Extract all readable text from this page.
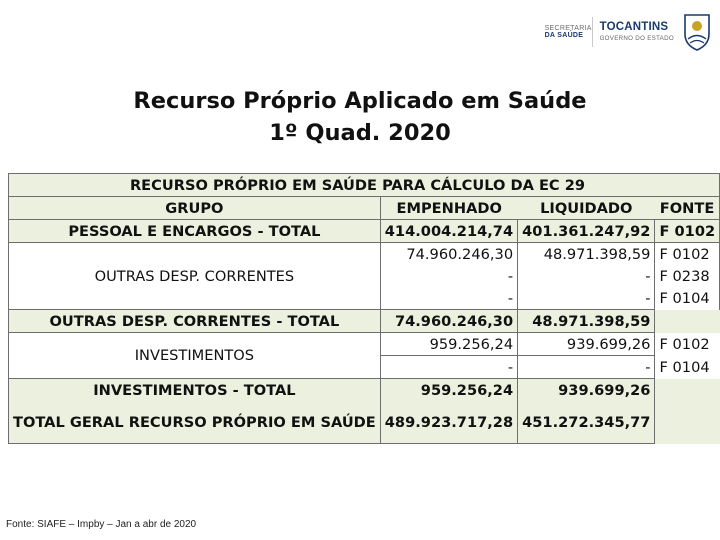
SECRETARIA
DA SAÚDE
TOCANTINS
GOVERNO DO ESTADO
Recurso Próprio Aplicado em Saúde
1º Quad. 2020
RECURSO PRÓPRIO EM SAÚDE PARA CÁLCULO DA EC 29			
GRUPO	EMPENHADO	LIQUIDADO	FONTE
PESSOAL E ENCARGOS - TOTAL	414.004.214,74	401.361.247,92	F 0102
OUTRAS DESP. CORRENTES	74.960.246,30	48.971.398,59	F 0102
	-	-	F 0238
	-	-	F 0104
OUTRAS DESP. CORRENTES - TOTAL	74.960.246,30	48.971.398,59	
INVESTIMENTOS	959.256,24	939.699,26	F 0102
	-	-	F 0104
INVESTIMENTOS - TOTAL	959.256,24	939.699,26	
TOTAL GERAL RECURSO PRÓPRIO EM SAÚDE	489.923.717,28	451.272.345,77	
Fonte: SIAFE – Impby – Jan a abr de 2020
